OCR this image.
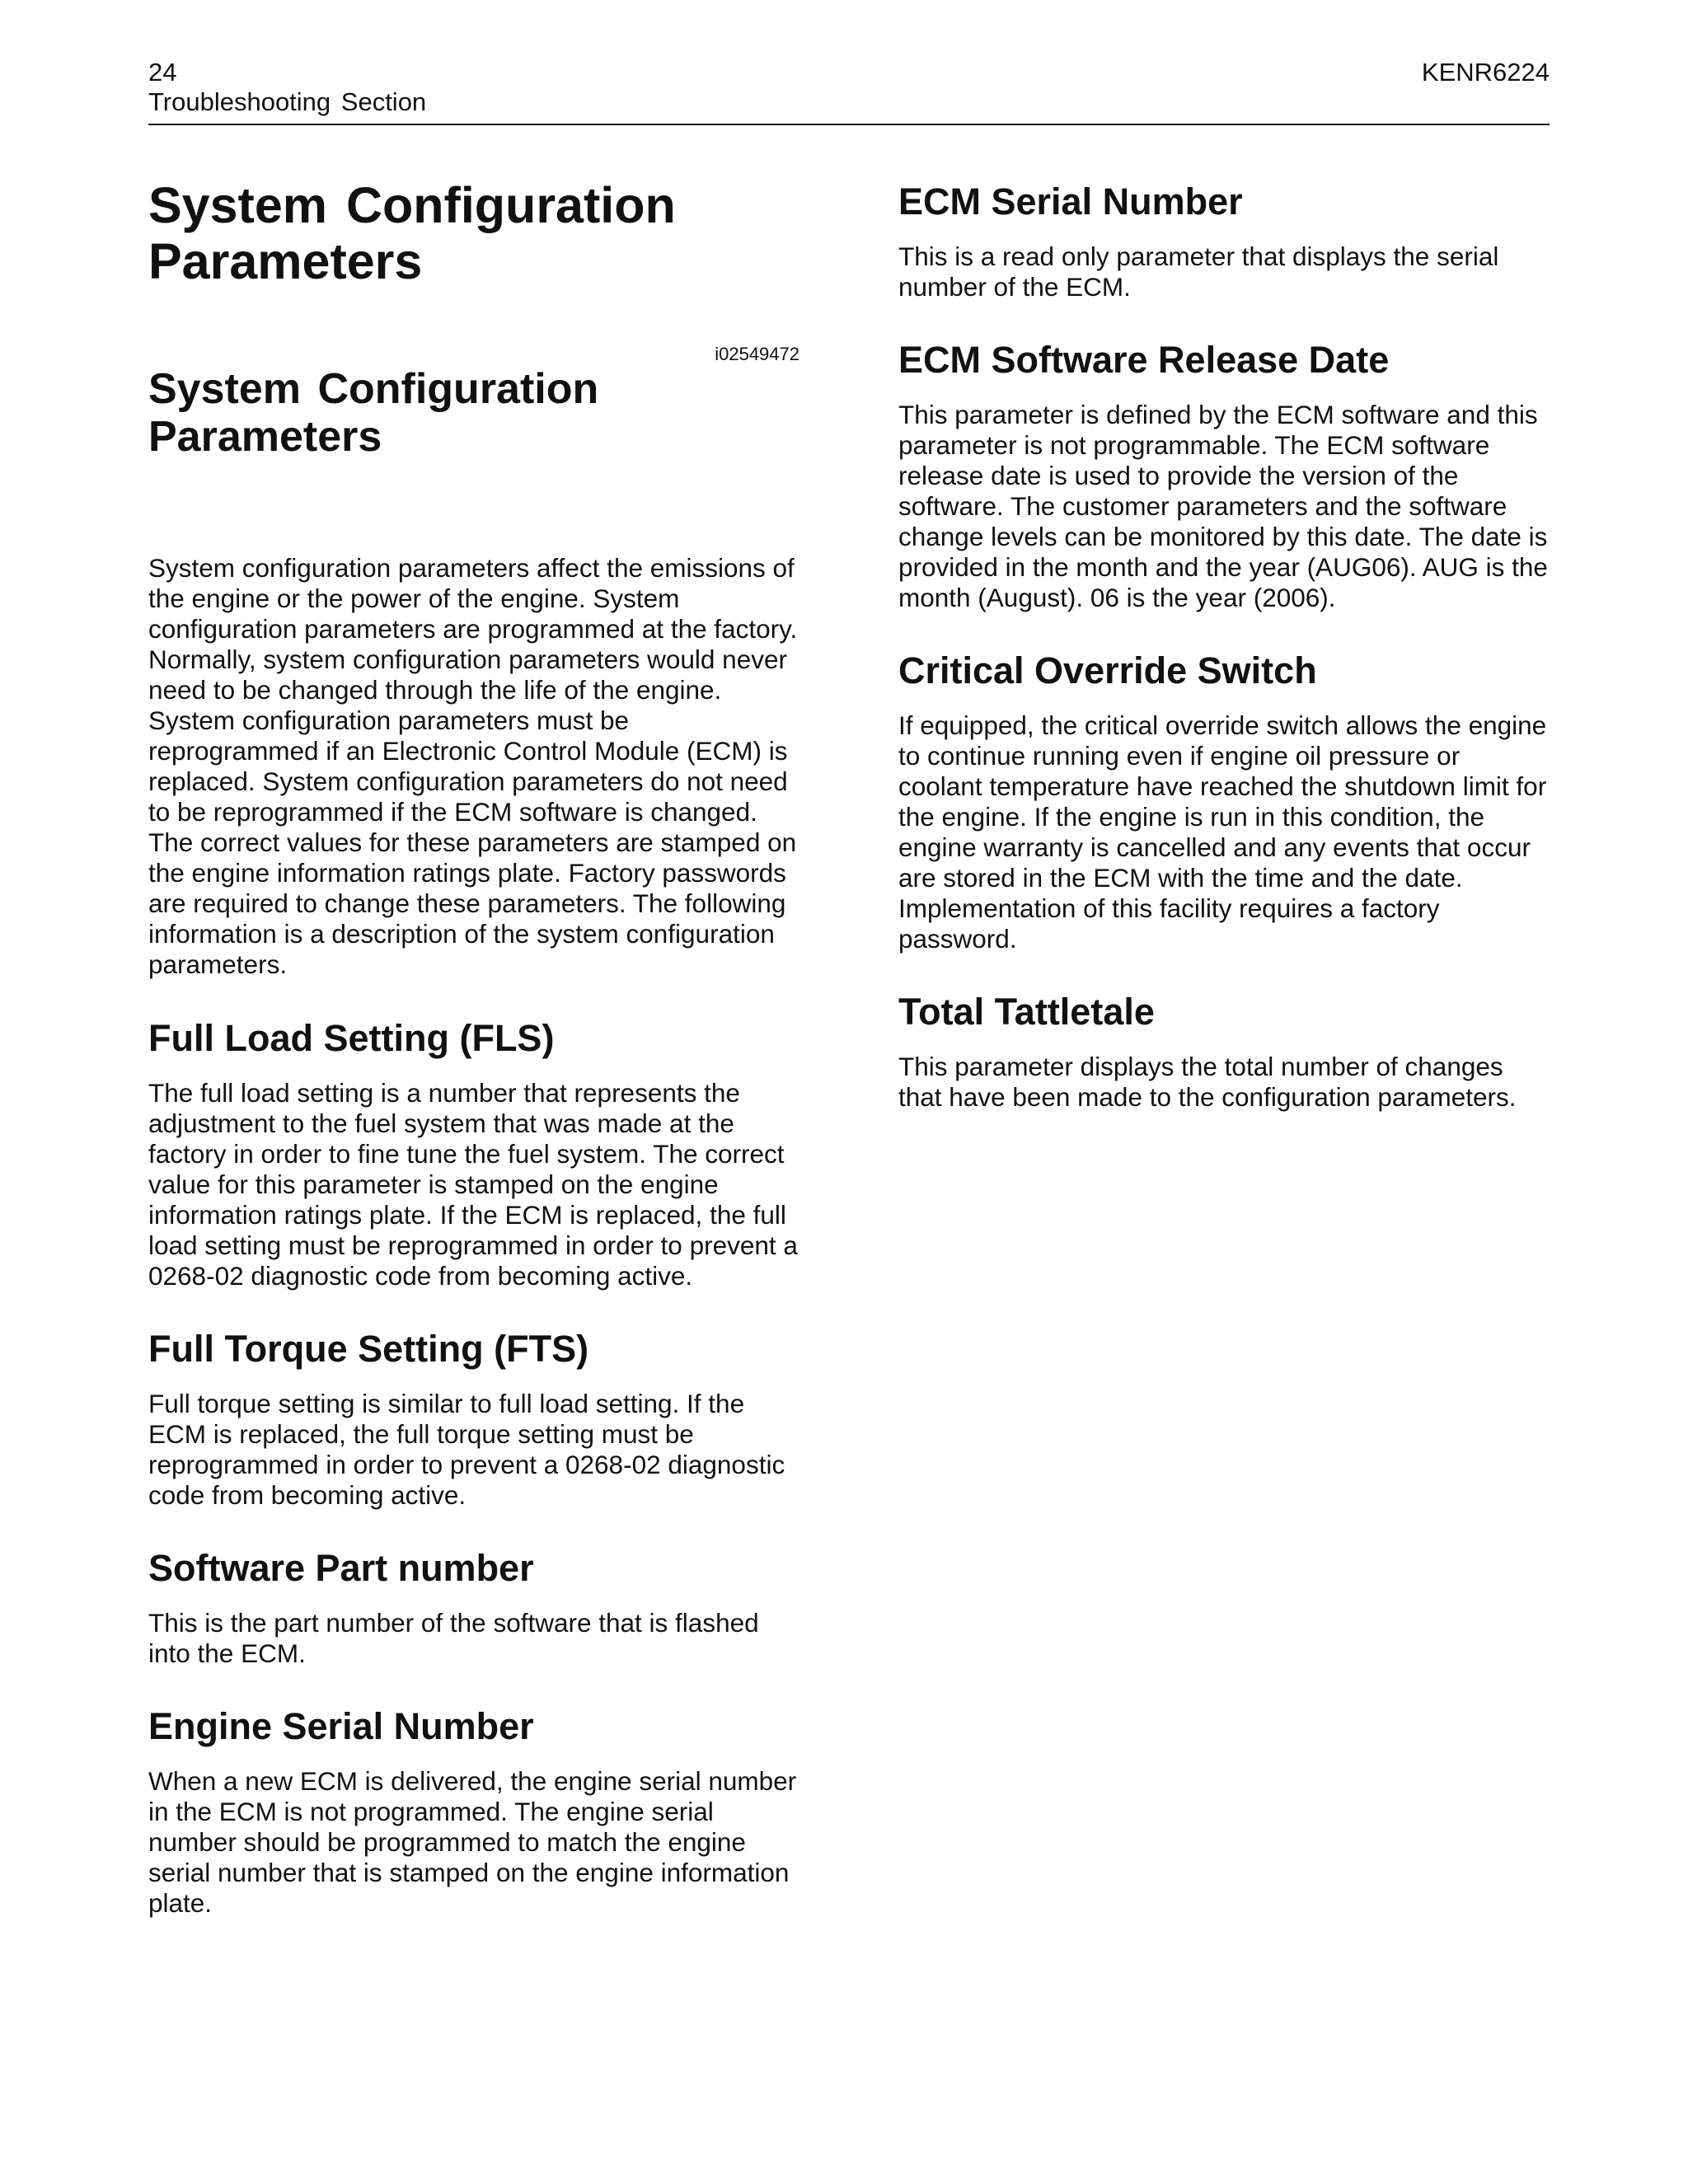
24
Troubleshooting Section
KENR6224
System Configuration Parameters
i02549472
System Configuration Parameters

System configuration parameters affect the emissions of the engine or the power of the engine. System configuration parameters are programmed at the factory. Normally, system configuration parameters would never need to be changed through the life of the engine. System configuration parameters must be reprogrammed if an Electronic Control Module (ECM) is replaced. System configuration parameters do not need to be reprogrammed if the ECM software is changed. The correct values for these parameters are stamped on the engine information ratings plate. Factory passwords are required to change these parameters. The following information is a description of the system configuration parameters.

Full Load Setting (FLS)

The full load setting is a number that represents the adjustment to the fuel system that was made at the factory in order to fine tune the fuel system. The correct value for this parameter is stamped on the engine information ratings plate. If the ECM is replaced, the full load setting must be reprogrammed in order to prevent a 0268-02 diagnostic code from becoming active.

Full Torque Setting (FTS)

Full torque setting is similar to full load setting. If the ECM is replaced, the full torque setting must be reprogrammed in order to prevent a 0268-02 diagnostic code from becoming active.

Software Part number

This is the part number of the software that is flashed into the ECM.

Engine Serial Number

When a new ECM is delivered, the engine serial number in the ECM is not programmed. The engine serial number should be programmed to match the engine serial number that is stamped on the engine information plate.

ECM Serial Number

This is a read only parameter that displays the serial number of the ECM.

ECM Software Release Date

This parameter is defined by the ECM software and this parameter is not programmable. The ECM software release date is used to provide the version of the software. The customer parameters and the software change levels can be monitored by this date. The date is provided in the month and the year (AUG06). AUG is the month (August). 06 is the year (2006).

Critical Override Switch

If equipped, the critical override switch allows the engine to continue running even if engine oil pressure or coolant temperature have reached the shutdown limit for the engine. If the engine is run in this condition, the engine warranty is cancelled and any events that occur are stored in the ECM with the time and the date. Implementation of this facility requires a factory password.

Total Tattletale

This parameter displays the total number of changes that have been made to the configuration parameters.
